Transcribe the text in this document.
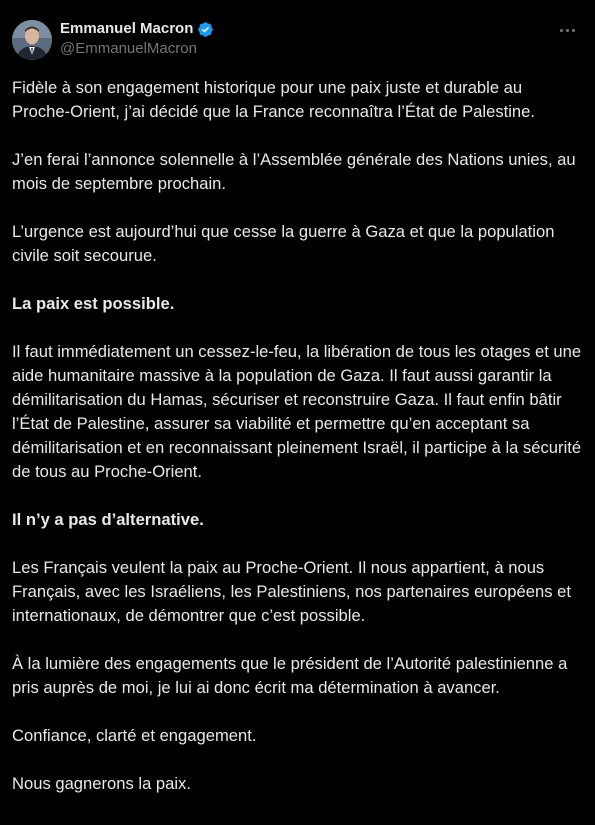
Emmanuel Macron
@EmmanuelMacron

Fidèle à son engagement historique pour une paix juste et durable au Proche-Orient, j’ai décidé que la France reconnaîtra l’État de Palestine.

J’en ferai l’annonce solennelle à l’Assemblée générale des Nations unies, au mois de septembre prochain.

L’urgence est aujourd’hui que cesse la guerre à Gaza et que la population civile soit secourue.

La paix est possible.

Il faut immédiatement un cessez-le-feu, la libération de tous les otages et une aide humanitaire massive à la population de Gaza. Il faut aussi garantir la démilitarisation du Hamas, sécuriser et reconstruire Gaza. Il faut enfin bâtir l’État de Palestine, assurer sa viabilité et permettre qu’en acceptant sa démilitarisation et en reconnaissant pleinement Israël, il participe à la sécurité de tous au Proche-Orient.

Il n’y a pas d’alternative.

Les Français veulent la paix au Proche-Orient. Il nous appartient, à nous Français, avec les Israéliens, les Palestiniens, nos partenaires européens et internationaux, de démontrer que c’est possible.

À la lumière des engagements que le président de l’Autorité palestinienne a pris auprès de moi, je lui ai donc écrit ma détermination à avancer.

Confiance, clarté et engagement.

Nous gagnerons la paix.
